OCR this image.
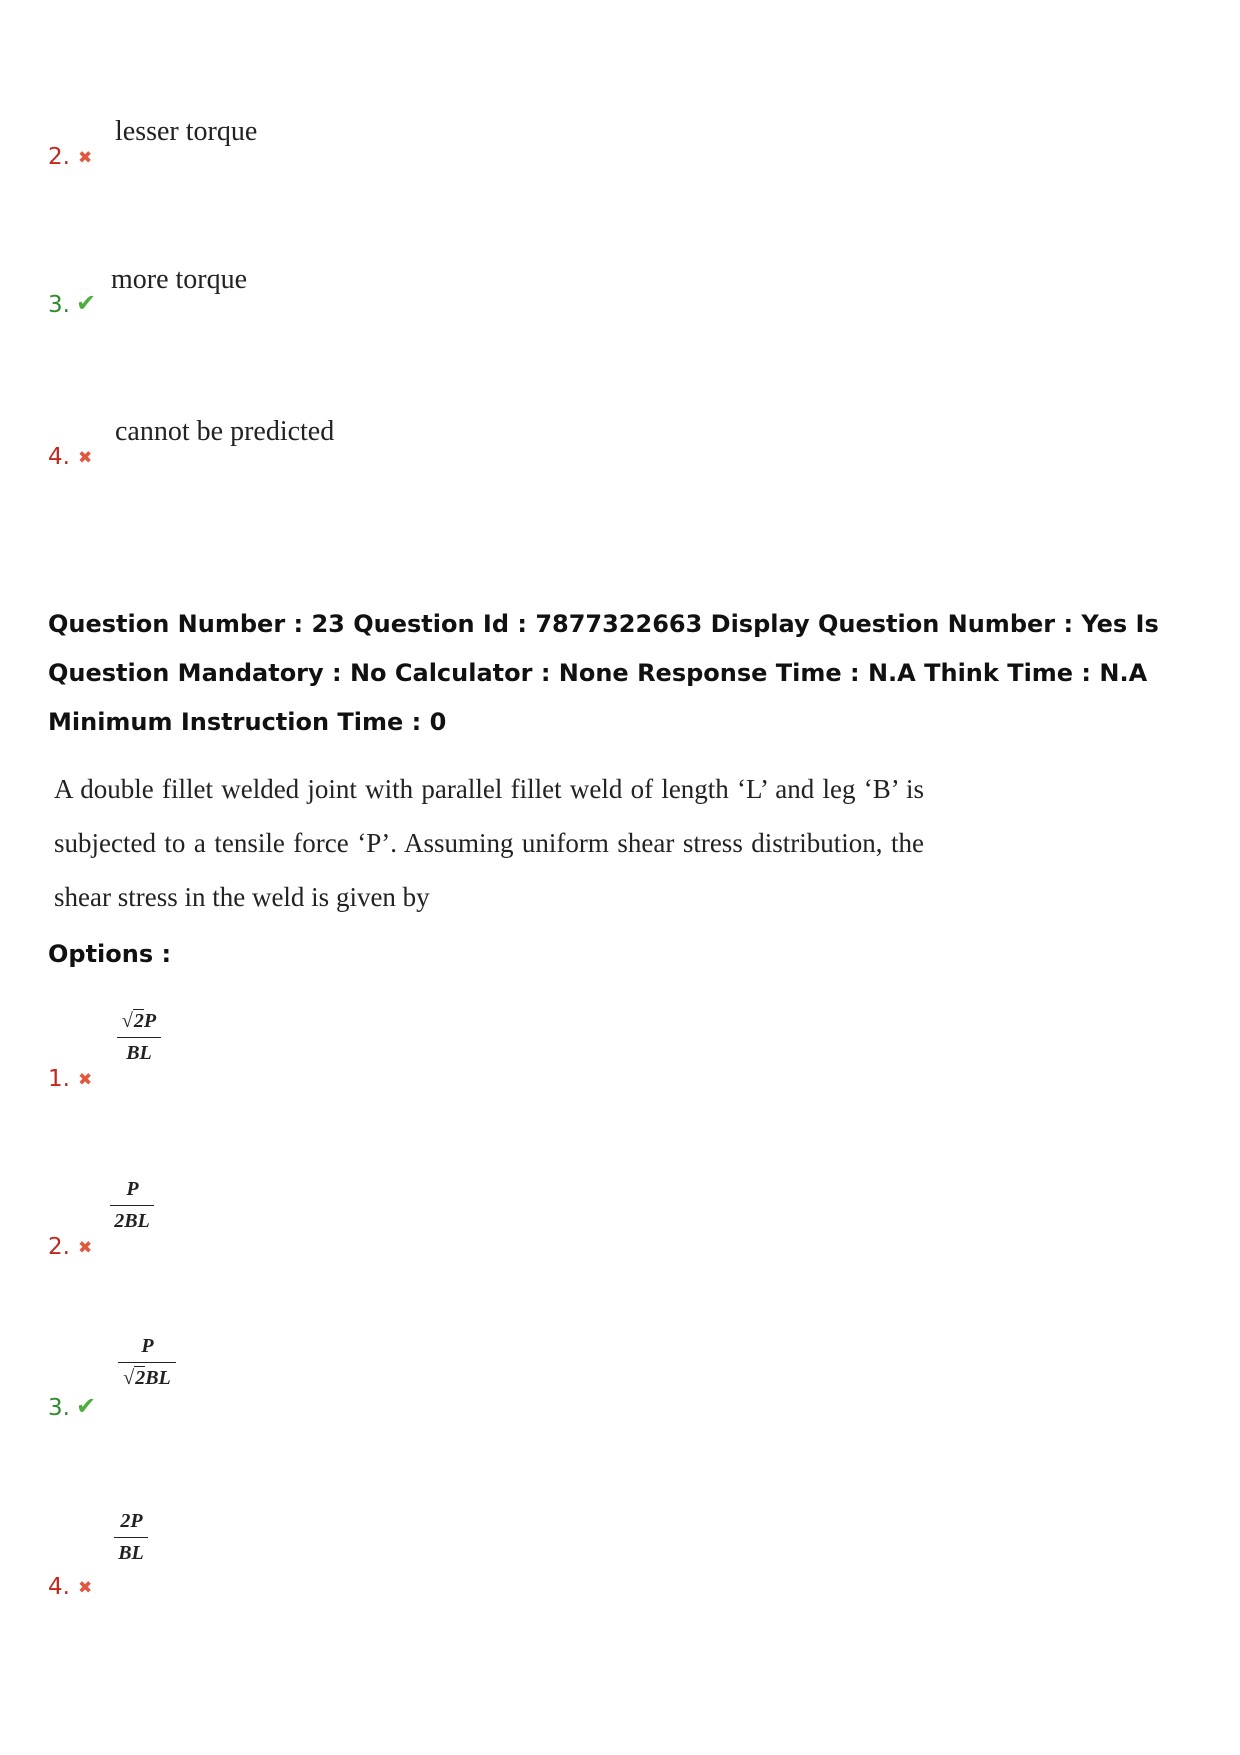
2. ✖
lesser torque
3. ✔
more torque
4. ✖
cannot be predicted
Question Number : 23 Question Id : 7877322663 Display Question Number : Yes Is Question Mandatory : No Calculator : None Response Time : N.A Think Time : N.A Minimum Instruction Time : 0
A double fillet welded joint with parallel fillet weld of length ‘L’ and leg ‘B’ is subjected to a tensile force ‘P’. Assuming uniform shear stress distribution, the shear stress in the weld is given by
Options :
$\frac{√2P}{BL}$
1. ✖
$\frac{P}{2BL}$
2. ✖
$\frac{P}{√2BL}$
3. ✔
$\frac{2P}{BL}$
4. ✖
